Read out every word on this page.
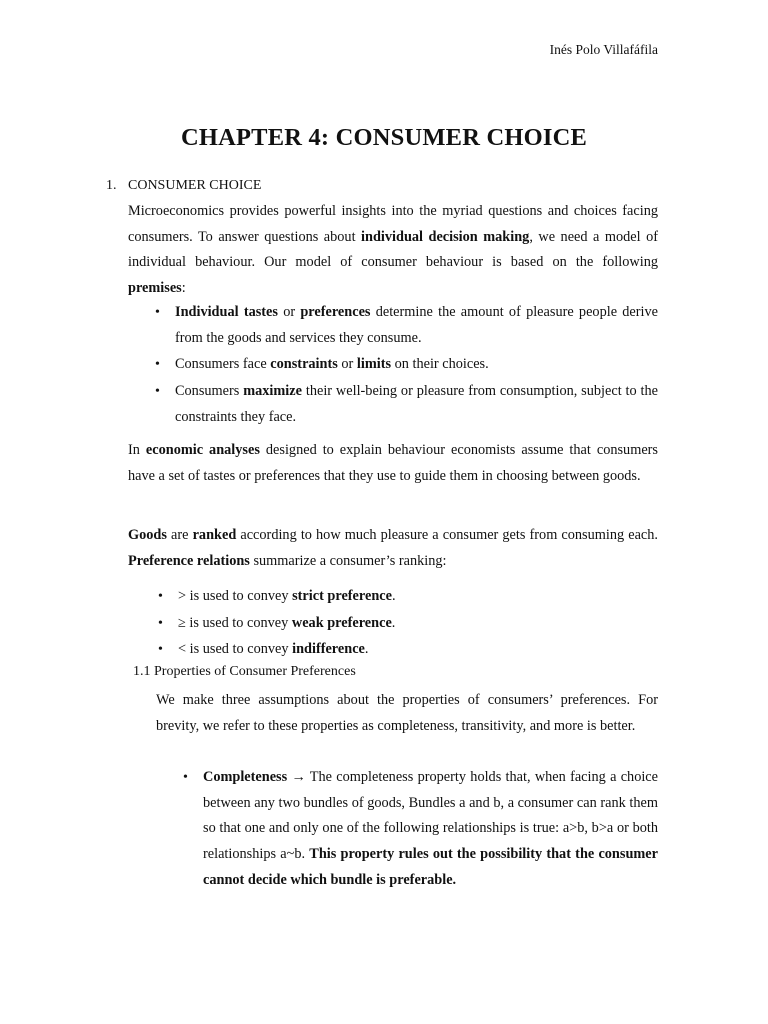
Inés Polo Villafáfila
CHAPTER 4: CONSUMER CHOICE
1. CONSUMER CHOICE
Microeconomics provides powerful insights into the myriad questions and choices facing consumers. To answer questions about individual decision making, we need a model of individual behaviour. Our model of consumer behaviour is based on the following premises:
• Individual tastes or preferences determine the amount of pleasure people derive from the goods and services they consume.
• Consumers face constraints or limits on their choices.
• Consumers maximize their well-being or pleasure from consumption, subject to the constraints they face.
In economic analyses designed to explain behaviour economists assume that consumers have a set of tastes or preferences that they use to guide them in choosing between goods.
Goods are ranked according to how much pleasure a consumer gets from consuming each. Preference relations summarize a consumer’s ranking:
• > is used to convey strict preference.
• ≥ is used to convey weak preference.
• < is used to convey indifference.
1.1 Properties of Consumer Preferences
We make three assumptions about the properties of consumers’ preferences. For brevity, we refer to these properties as completeness, transitivity, and more is better.
• Completeness → The completeness property holds that, when facing a choice between any two bundles of goods, Bundles a and b, a consumer can rank them so that one and only one of the following relationships is true: a>b, b>a or both relationships a~b. This property rules out the possibility that the consumer cannot decide which bundle is preferable.
